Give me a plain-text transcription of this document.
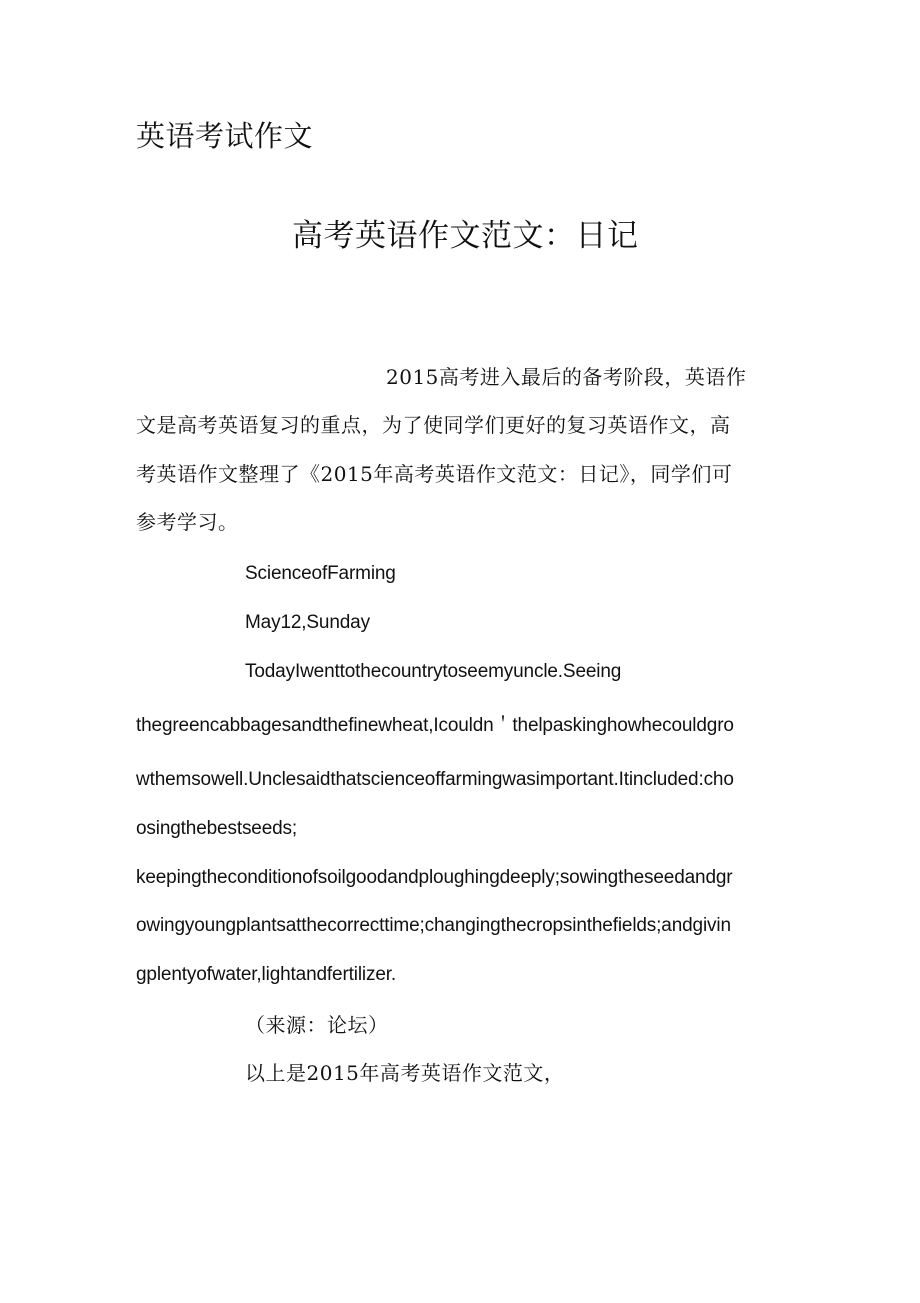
英语考试作文
高考英语作文范文：日记
2015高考进入最后的备考阶段，英语作
文是高考英语复习的重点，为了使同学们更好的复习英语作文，高
考英语作文整理了《2015年高考英语作文范文：日记》，同学们可
参考学习。
ScienceofFarming
May12,Sunday
TodayIwenttothecountrytoseemyuncle.Seeing
thegreencabbagesandthefinewheat,Icouldn＇thelpaskinghowhecouldgro
wthemsowell.Unclesaidthatscienceoffarmingwasimportant.Itincluded:cho
osingthebestseeds;
keepingtheconditionofsoilgoodandploughingdeeply;sowingtheseedandgr
owingyoungplantsatthecorrecttime;changingthecropsinthefields;andgivin
gplentyofwater,lightandfertilizer.
（来源：论坛）
以上是2015年高考英语作文范文，
